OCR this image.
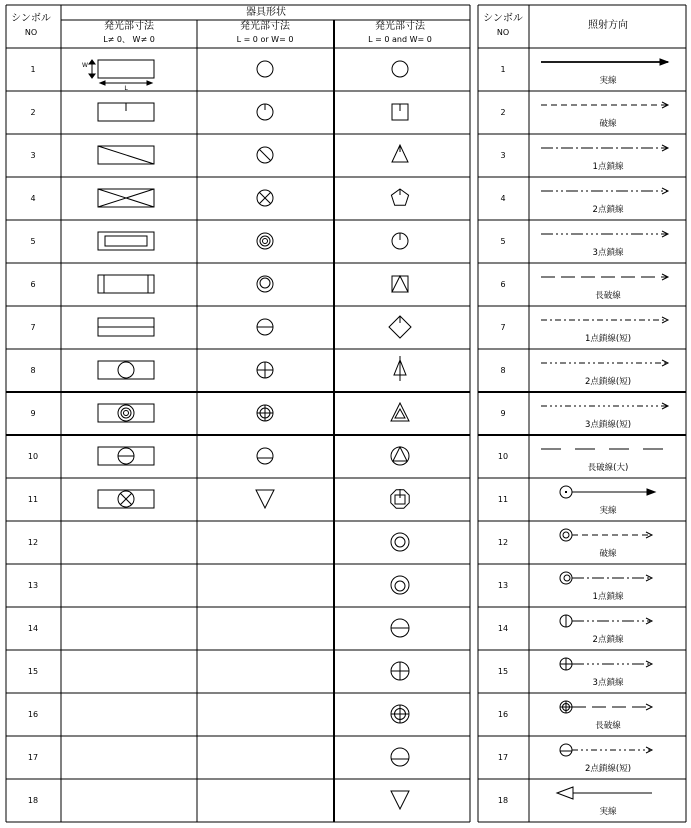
シンボル
NO
器具形状
発光部寸法
L≠ 0、 W≠ 0
発光部寸法
L = 0 or W= 0
発光部寸法
L = 0 and W= 0
シンボル
NO
照射方向
1
2
3
4
5
6
7
8
9
10
11
12
13
14
15
16
17
18
W
L
1
実線
2
破線
3
1点鎖線
4
2点鎖線
5
3点鎖線
6
長破線
7
1点鎖線(短)
8
2点鎖線(短)
9
3点鎖線(短)
10
長破線(大)
11
実線
12
破線
13
1点鎖線
14
2点鎖線
15
3点鎖線
16
長破線
17
2点鎖線(短)
18
実線
